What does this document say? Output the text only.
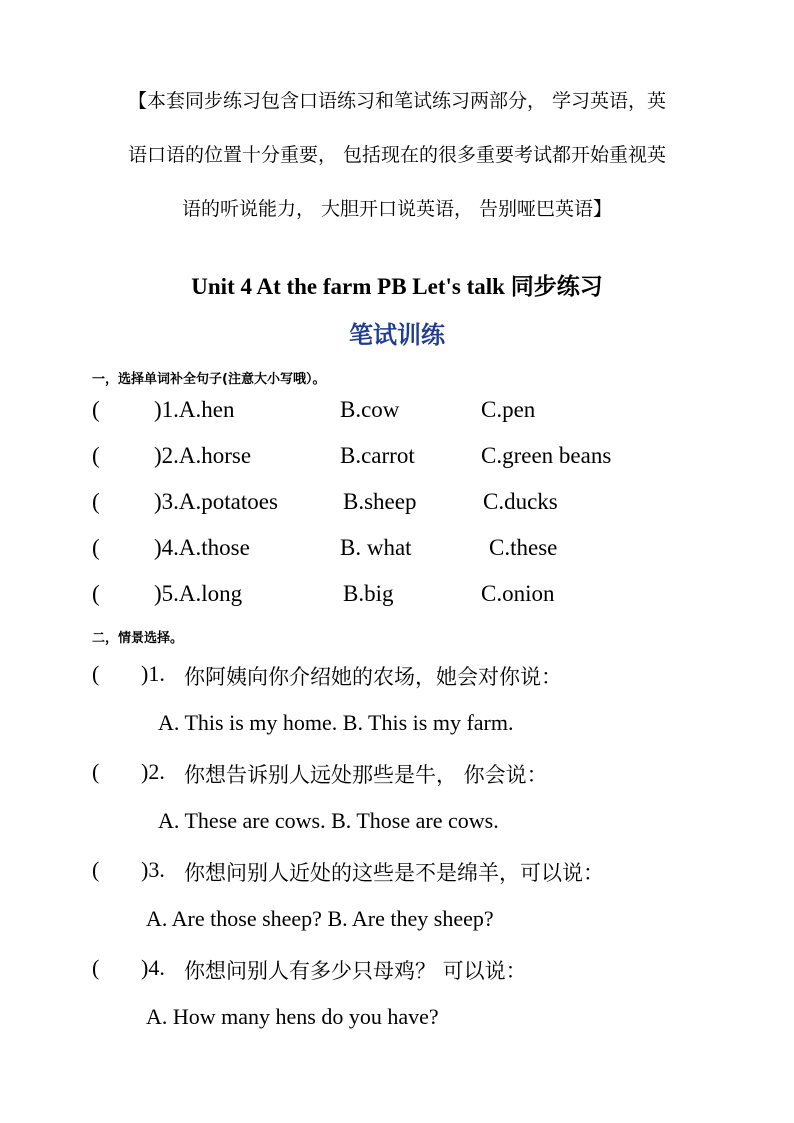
【本套同步练习包含口语练习和笔试练习两部分， 学习英语，英
语口语的位置十分重要， 包括现在的很多重要考试都开始重视英
语的听说能力， 大胆开口说英语， 告别哑巴英语】
Unit 4 At the farm PB Let's talk 同步练习
笔试训练
一，选择单词补全句子(注意大小写哦）。
( )1.A.hen	B.cow	C.pen
( )2.A.horse	B.carrot	C.green beans
( )3.A.potatoes	B.sheep	C.ducks
( )4.A.those	B. what	C.these
( )5.A.long	B.big	C.onion
二，情景选择。
( )1. 你阿姨向你介绍她的农场，她会对你说：
A. This is my home. B. This is my farm.
( )2. 你想告诉别人远处那些是牛， 你会说：
A. These are cows. B. Those are cows.
( )3. 你想问别人近处的这些是不是绵羊，可以说：
A. Are those sheep? B. Are they sheep?
( )4. 你想问别人有多少只母鸡？ 可以说：
A. How many hens do you have?
